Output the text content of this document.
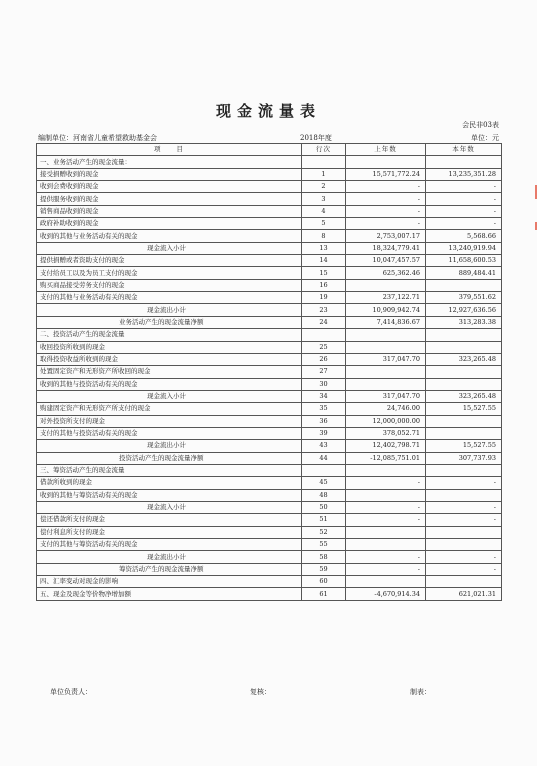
现金流量表
会民非03表
编制单位：河南省儿童希望救助基金会	2018年度	单位：元
项　　目	行次	上年数	本年数
一、业务活动产生的现金流量：			
接受捐赠收到的现金	1	15,571,772.24	13,235,351.28
收到会费收到的现金	2	-	-
提供服务收到的现金	3	-	-
销售商品收到的现金	4	-	-
政府补助收到的现金	5	-	-
收到的其他与业务活动有关的现金	8	2,753,007.17	5,568.66
现金流入小计	13	18,324,779.41	13,240,919.94
提供捐赠或者资助支付的现金	14	10,047,457.57	11,658,600.53
支付给员工以及为员工支付的现金	15	625,362.46	889,484.41
购买商品接受劳务支付的现金	16		
支付的其他与业务活动有关的现金	19	237,122.71	379,551.62
现金流出小计	23	10,909,942.74	12,927,636.56
业务活动产生的现金流量净额	24	7,414,836.67	313,283.38
二、投资活动产生的现金流量			
收回投资所收到的现金	25		
取得投资收益所收到的现金	26	317,047.70	323,265.48
处置固定资产和无形资产所收回的现金	27		
收到的其他与投资活动有关的现金	30		
现金流入小计	34	317,047.70	323,265.48
购建固定资产和无形资产所支付的现金	35	24,746.00	15,527.55
对外投资所支付的现金	36	12,000,000.00	
支付的其他与投资活动有关的现金	39	378,052.71	
现金流出小计	43	12,402,798.71	15,527.55
投资活动产生的现金流量净额	44	-12,085,751.01	307,737.93
三、筹资活动产生的现金流量			
借款所收到的现金	45	-	-
收到的其他与筹资活动有关的现金	48		
现金流入小计	50	-	-
偿还借款所支付的现金	51	-	-
偿付利息所支付的现金	52		
支付的其他与筹资活动有关的现金	55		
现金流出小计	58	-	-
筹资活动产生的现金流量净额	59	-	-
四、汇率变动对现金的影响	60		
五、现金及现金等价物净增加额	61	-4,670,914.34	621,021.31
单位负责人：	复核：	制表：
